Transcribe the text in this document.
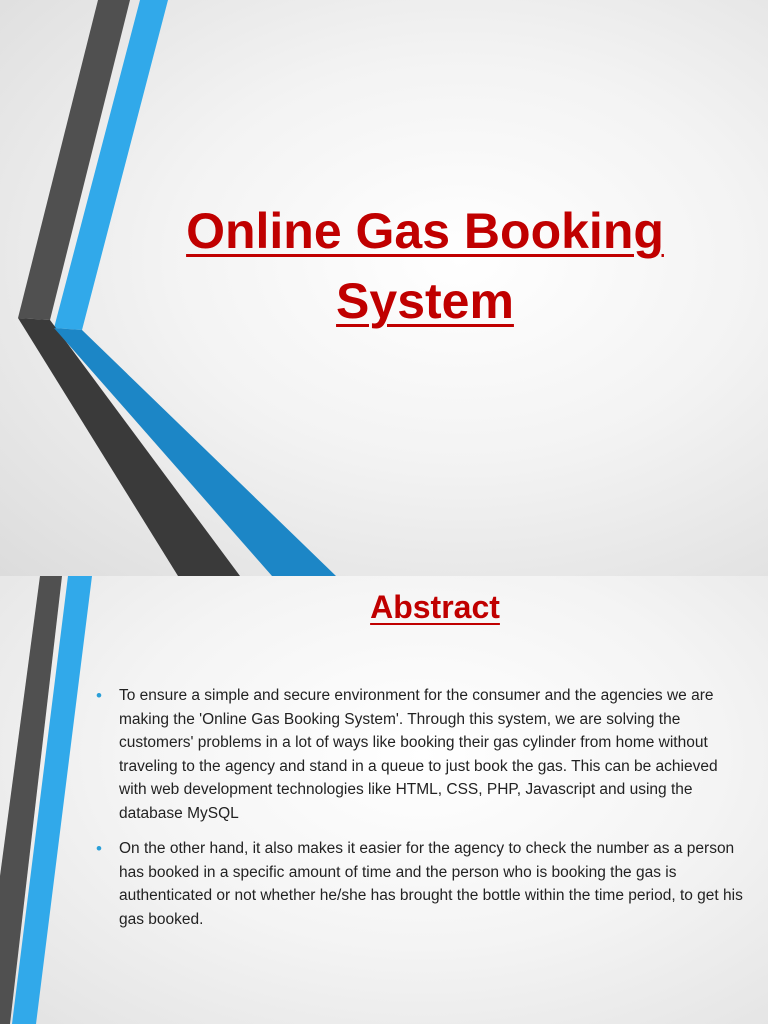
Online Gas Booking System
Abstract
• To ensure a simple and secure environment for the consumer and the agencies we are making the 'Online Gas Booking System'. Through this system, we are solving the customers' problems in a lot of ways like booking their gas cylinder from home without traveling to the agency and stand in a queue to just book the gas. This can be achieved with web development technologies like HTML, CSS, PHP, Javascript and using the database MySQL
• On the other hand, it also makes it easier for the agency to check the number as a person has booked in a specific amount of time and the person who is booking the gas is authenticated or not whether he/she has brought the bottle within the time period, to get his gas booked.
